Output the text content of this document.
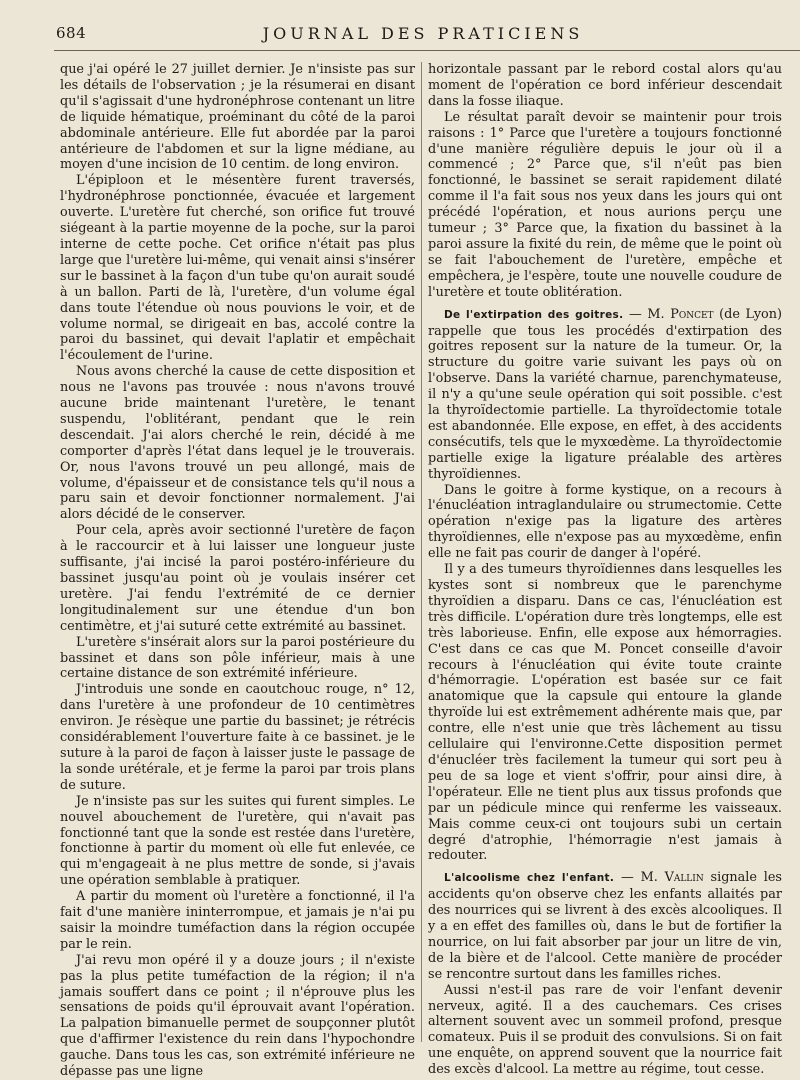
684	JOURNAL DES PRATICIENS

que j'ai opéré le 27 juillet dernier. Je n'insiste pas sur les détails de l'observation ; je la résumerai en disant qu'il s'agissait d'une hydronéphrose contenant un litre de liquide hématique, proéminant du côté de la paroi abdominale antérieure. Elle fut abordée par la paroi antérieure de l'abdomen et sur la ligne médiane, au moyen d'une incision de 10 centim. de long environ.

L'épiploon et le mésentère furent traversés, l'hydronéphrose ponctionnée, évacuée et largement ouverte. L'uretère fut cherché, son orifice fut trouvé siégeant à la partie moyenne de la poche, sur la paroi interne de cette poche. Cet orifice n'était pas plus large que l'uretère lui-même, qui venait ainsi s'insérer sur le bassinet à la façon d'un tube qu'on aurait soudé à un ballon. Parti de là, l'uretère, d'un volume égal dans toute l'étendue où nous pouvions le voir, et de volume normal, se dirigeait en bas, accolé contre la paroi du bassinet, qui devait l'aplatir et empêchait l'écoulement de l'urine.

Nous avons cherché la cause de cette disposition et nous ne l'avons pas trouvée : nous n'avons trouvé aucune bride maintenant l'uretère, le tenant suspendu, l'oblitérant, pendant que le rein descendait. J'ai alors cherché le rein, décidé à me comporter d'après l'état dans lequel je le trouverais. Or, nous l'avons trouvé un peu allongé, mais de volume, d'épaisseur et de consistance tels qu'il nous a paru sain et devoir fonctionner normalement. J'ai alors décidé de le conserver.

Pour cela, après avoir sectionné l'uretère de façon à le raccourcir et à lui laisser une longueur juste suffisante, j'ai incisé la paroi postéro-inférieure du bassinet jusqu'au point où je voulais insérer cet uretère. J'ai fendu l'extrémité de ce dernier longitudinalement sur une étendue d'un bon centimètre, et j'ai suturé cette extrémité au bassinet.

L'uretère s'insérait alors sur la paroi postérieure du bassinet et dans son pôle inférieur, mais à une certaine distance de son extrémité inférieure.

J'introduis une sonde en caoutchouc rouge, n° 12, dans l'uretère à une profondeur de 10 centimètres environ. Je résèque une partie du bassinet; je rétrécis considérablement l'ouverture faite à ce bassinet. je le suture à la paroi de façon à laisser juste le passage de la sonde urétérale, et je ferme la paroi par trois plans de suture.

Je n'insiste pas sur les suites qui furent simples. Le nouvel abouchement de l'uretère, qui n'avait pas fonctionné tant que la sonde est restée dans l'uretère, fonctionne à partir du moment où elle fut enlevée, ce qui m'engageait à ne plus mettre de sonde, si j'avais une opération semblable à pratiquer.

A partir du moment où l'uretère a fonctionné, il l'a fait d'une manière ininterrompue, et jamais je n'ai pu saisir la moindre tuméfaction dans la région occupée par le rein.

J'ai revu mon opéré il y a douze jours ; il n'existe pas la plus petite tuméfaction de la région; il n'a jamais souffert dans ce point ; il n'éprouve plus les sensations de poids qu'il éprouvait avant l'opération. La palpation bimanuelle permet de soupçonner plutôt que d'affirmer l'existence du rein dans l'hypochondre gauche. Dans tous les cas, son extrémité inférieure ne dépasse pas une ligne

horizontale passant par le rebord costal alors qu'au moment de l'opération ce bord inférieur descendait dans la fosse iliaque.

Le résultat paraît devoir se maintenir pour trois raisons : 1° Parce que l'uretère a toujours fonctionné d'une manière régulière depuis le jour où il a commencé ; 2° Parce que, s'il n'eût pas bien fonctionné, le bassinet se serait rapidement dilaté comme il l'a fait sous nos yeux dans les jours qui ont précédé l'opération, et nous aurions perçu une tumeur ; 3° Parce que, la fixation du bassinet à la paroi assure la fixité du rein, de même que le point où se fait l'abouchement de l'uretère, empêche et empêchera, je l'espère, toute une nouvelle coudure de l'uretère et toute oblitération.

De l'extirpation des goitres. — M. Poncet (de Lyon) rappelle que tous les procédés d'extirpation des goitres reposent sur la nature de la tumeur. Or, la structure du goitre varie suivant les pays où on l'observe. Dans la variété charnue, parenchymateuse, il n'y a qu'une seule opération qui soit possible. c'est la thyroïdectomie partielle. La thyroïdectomie totale est abandonnée. Elle expose, en effet, à des accidents consécutifs, tels que le myxœdème. La thyroïdectomie partielle exige la ligature préalable des artères thyroïdiennes.

Dans le goitre à forme kystique, on a recours à l'énucléation intraglandulaire ou strumectomie. Cette opération n'exige pas la ligature des artères thyroïdiennes, elle n'expose pas au myxœdème, enfin elle ne fait pas courir de danger à l'opéré.

Il y a des tumeurs thyroïdiennes dans lesquelles les kystes sont si nombreux que le parenchyme thyroïdien a disparu. Dans ce cas, l'énucléation est très difficile. L'opération dure très longtemps, elle est très laborieuse. Enfin, elle expose aux hémorragies. C'est dans ce cas que M. Poncet conseille d'avoir recours à l'énucléation qui évite toute crainte d'hémorragie. L'opération est basée sur ce fait anatomique que la capsule qui entoure la glande thyroïde lui est extrêmement adhérente mais que, par contre, elle n'est unie que très lâchement au tissu cellulaire qui l'environne.Cette disposition permet d'énucléer très facilement la tumeur qui sort peu à peu de sa loge et vient s'offrir, pour ainsi dire, à l'opérateur. Elle ne tient plus aux tissus profonds que par un pédicule mince qui renferme les vaisseaux. Mais comme ceux-ci ont toujours subi un certain degré d'atrophie, l'hémorragie n'est jamais à redouter.

L'alcoolisme chez l'enfant. — M. Vallin signale les accidents qu'on observe chez les enfants allaités par des nourrices qui se livrent à des excès alcooliques. Il y a en effet des familles où, dans le but de fortifier la nourrice, on lui fait absorber par jour un litre de vin, de la bière et de l'alcool. Cette manière de procéder se rencontre surtout dans les familles riches.

Aussi n'est-il pas rare de voir l'enfant devenir nerveux, agité. Il a des cauchemars. Ces crises alternent souvent avec un sommeil profond, presque comateux. Puis il se produit des convulsions. Si on fait une enquête, on apprend souvent que la nourrice fait des excès d'alcool. La mettre au régime, tout cesse.
